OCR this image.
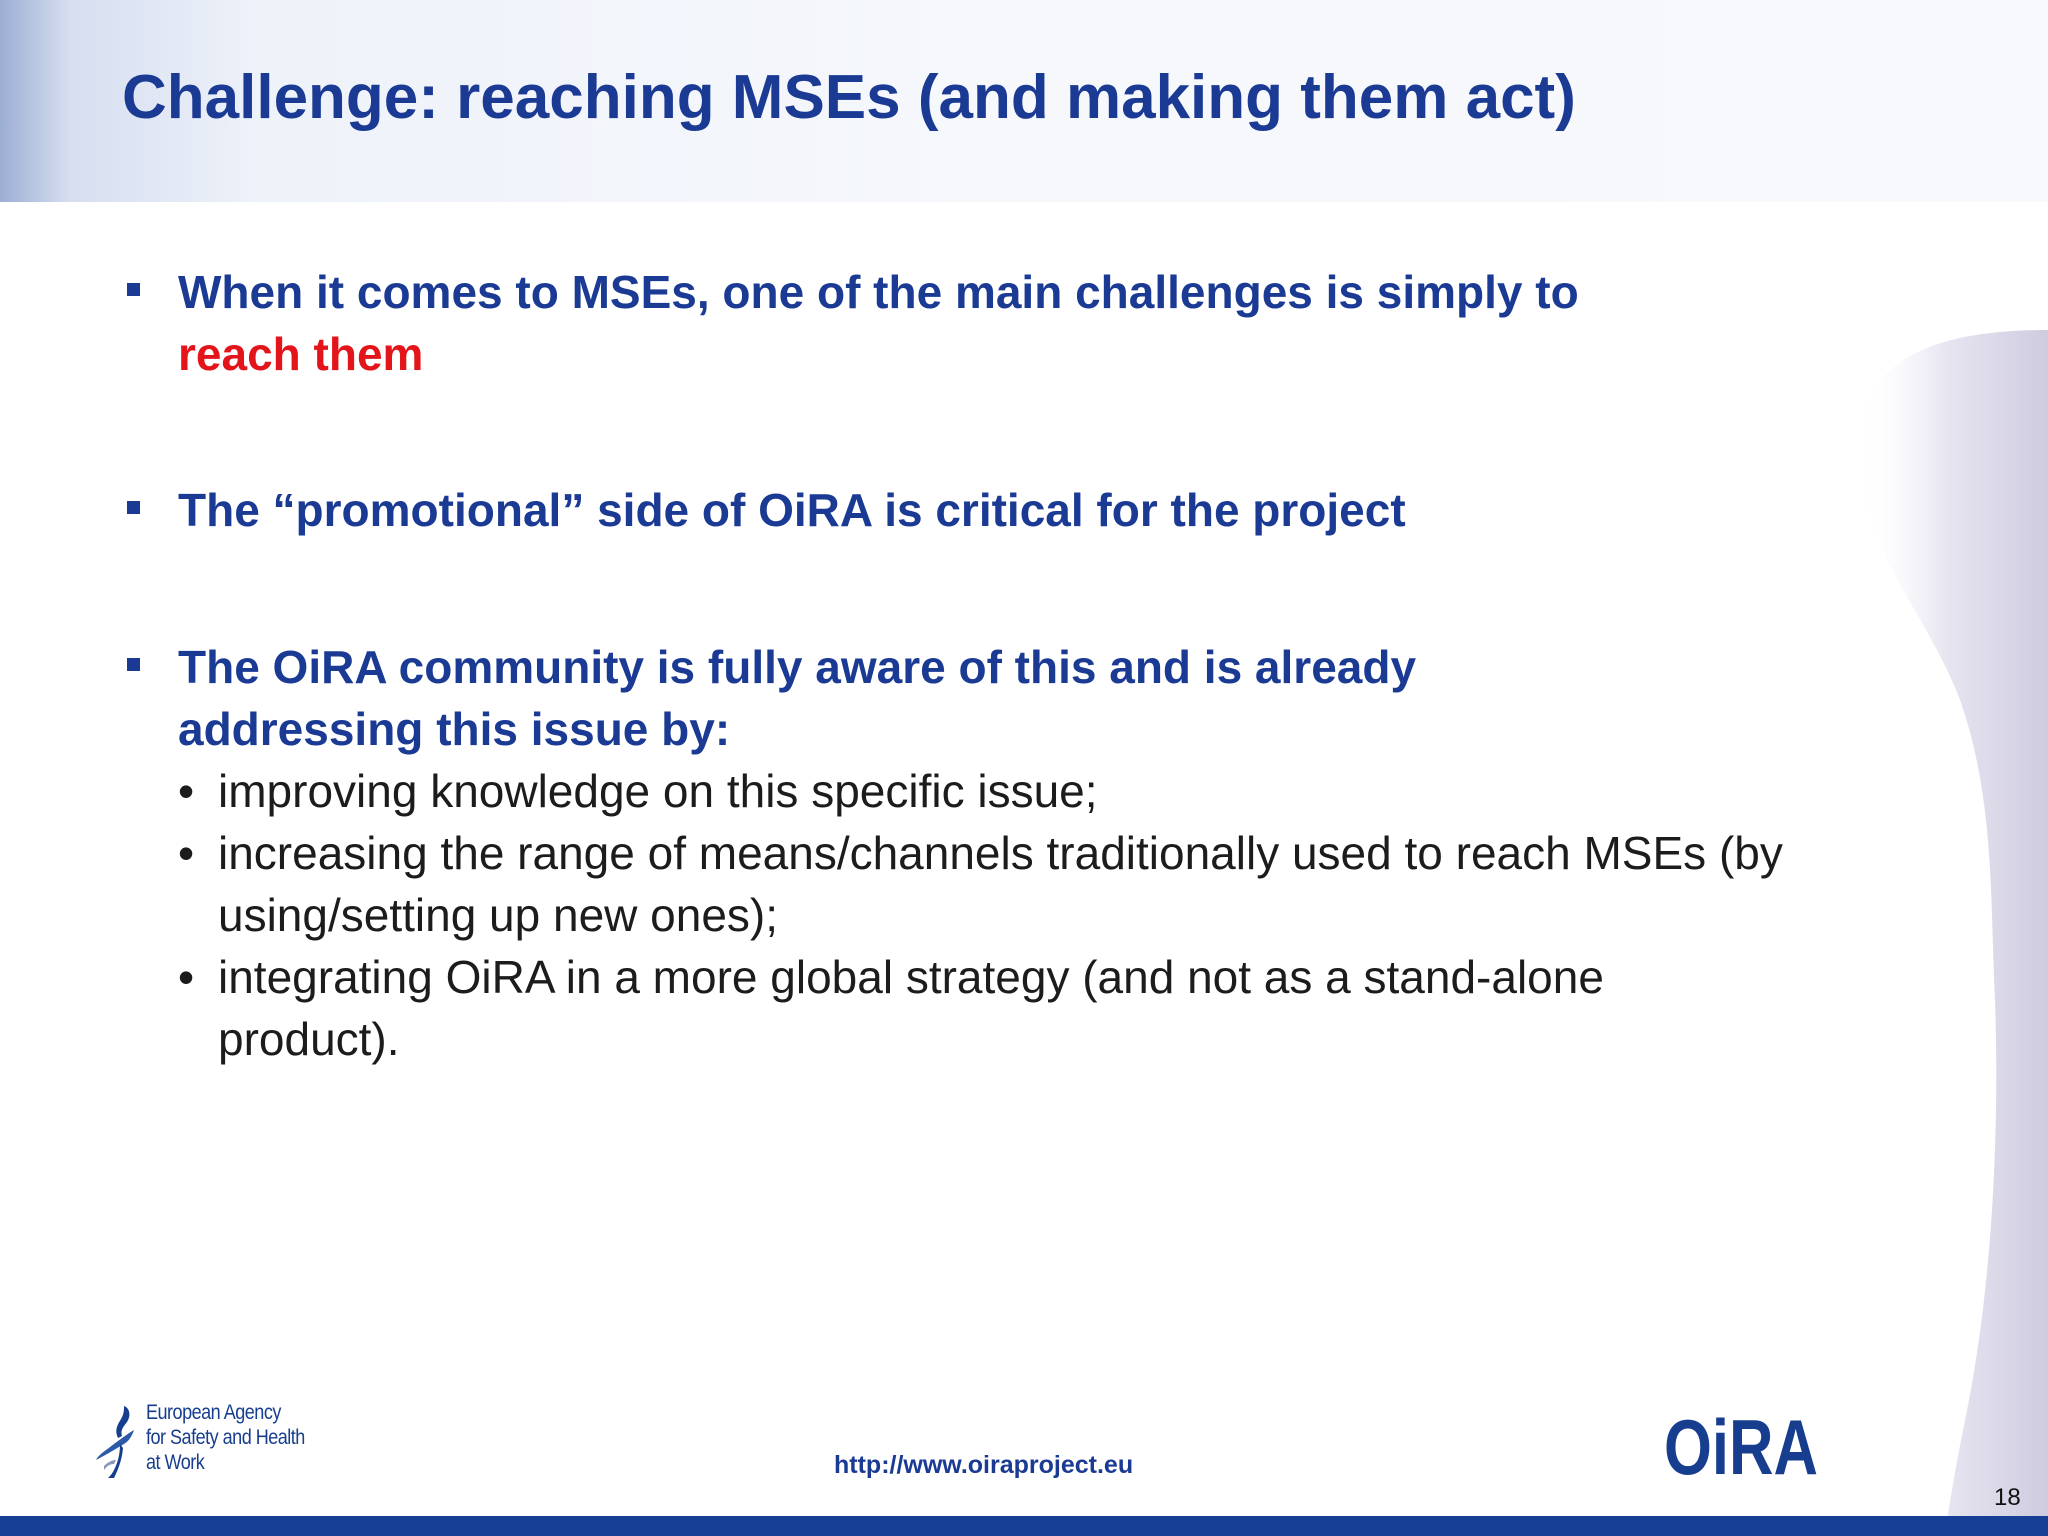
Challenge: reaching MSEs (and making them act)
When it comes to MSEs, one of the main challenges is simply to
reach them
The “promotional” side of OiRA is critical for the project
The OiRA community is fully aware of this and is already addressing this issue by:
• improving knowledge on this specific issue;
• increasing the range of means/channels traditionally used to reach MSEs (by using/setting up new ones);
• integrating OiRA in a more global strategy (and not as a stand-alone product).
European Agency
for Safety and Health
at Work	http://www.oiraproject.eu	OiRA
18
